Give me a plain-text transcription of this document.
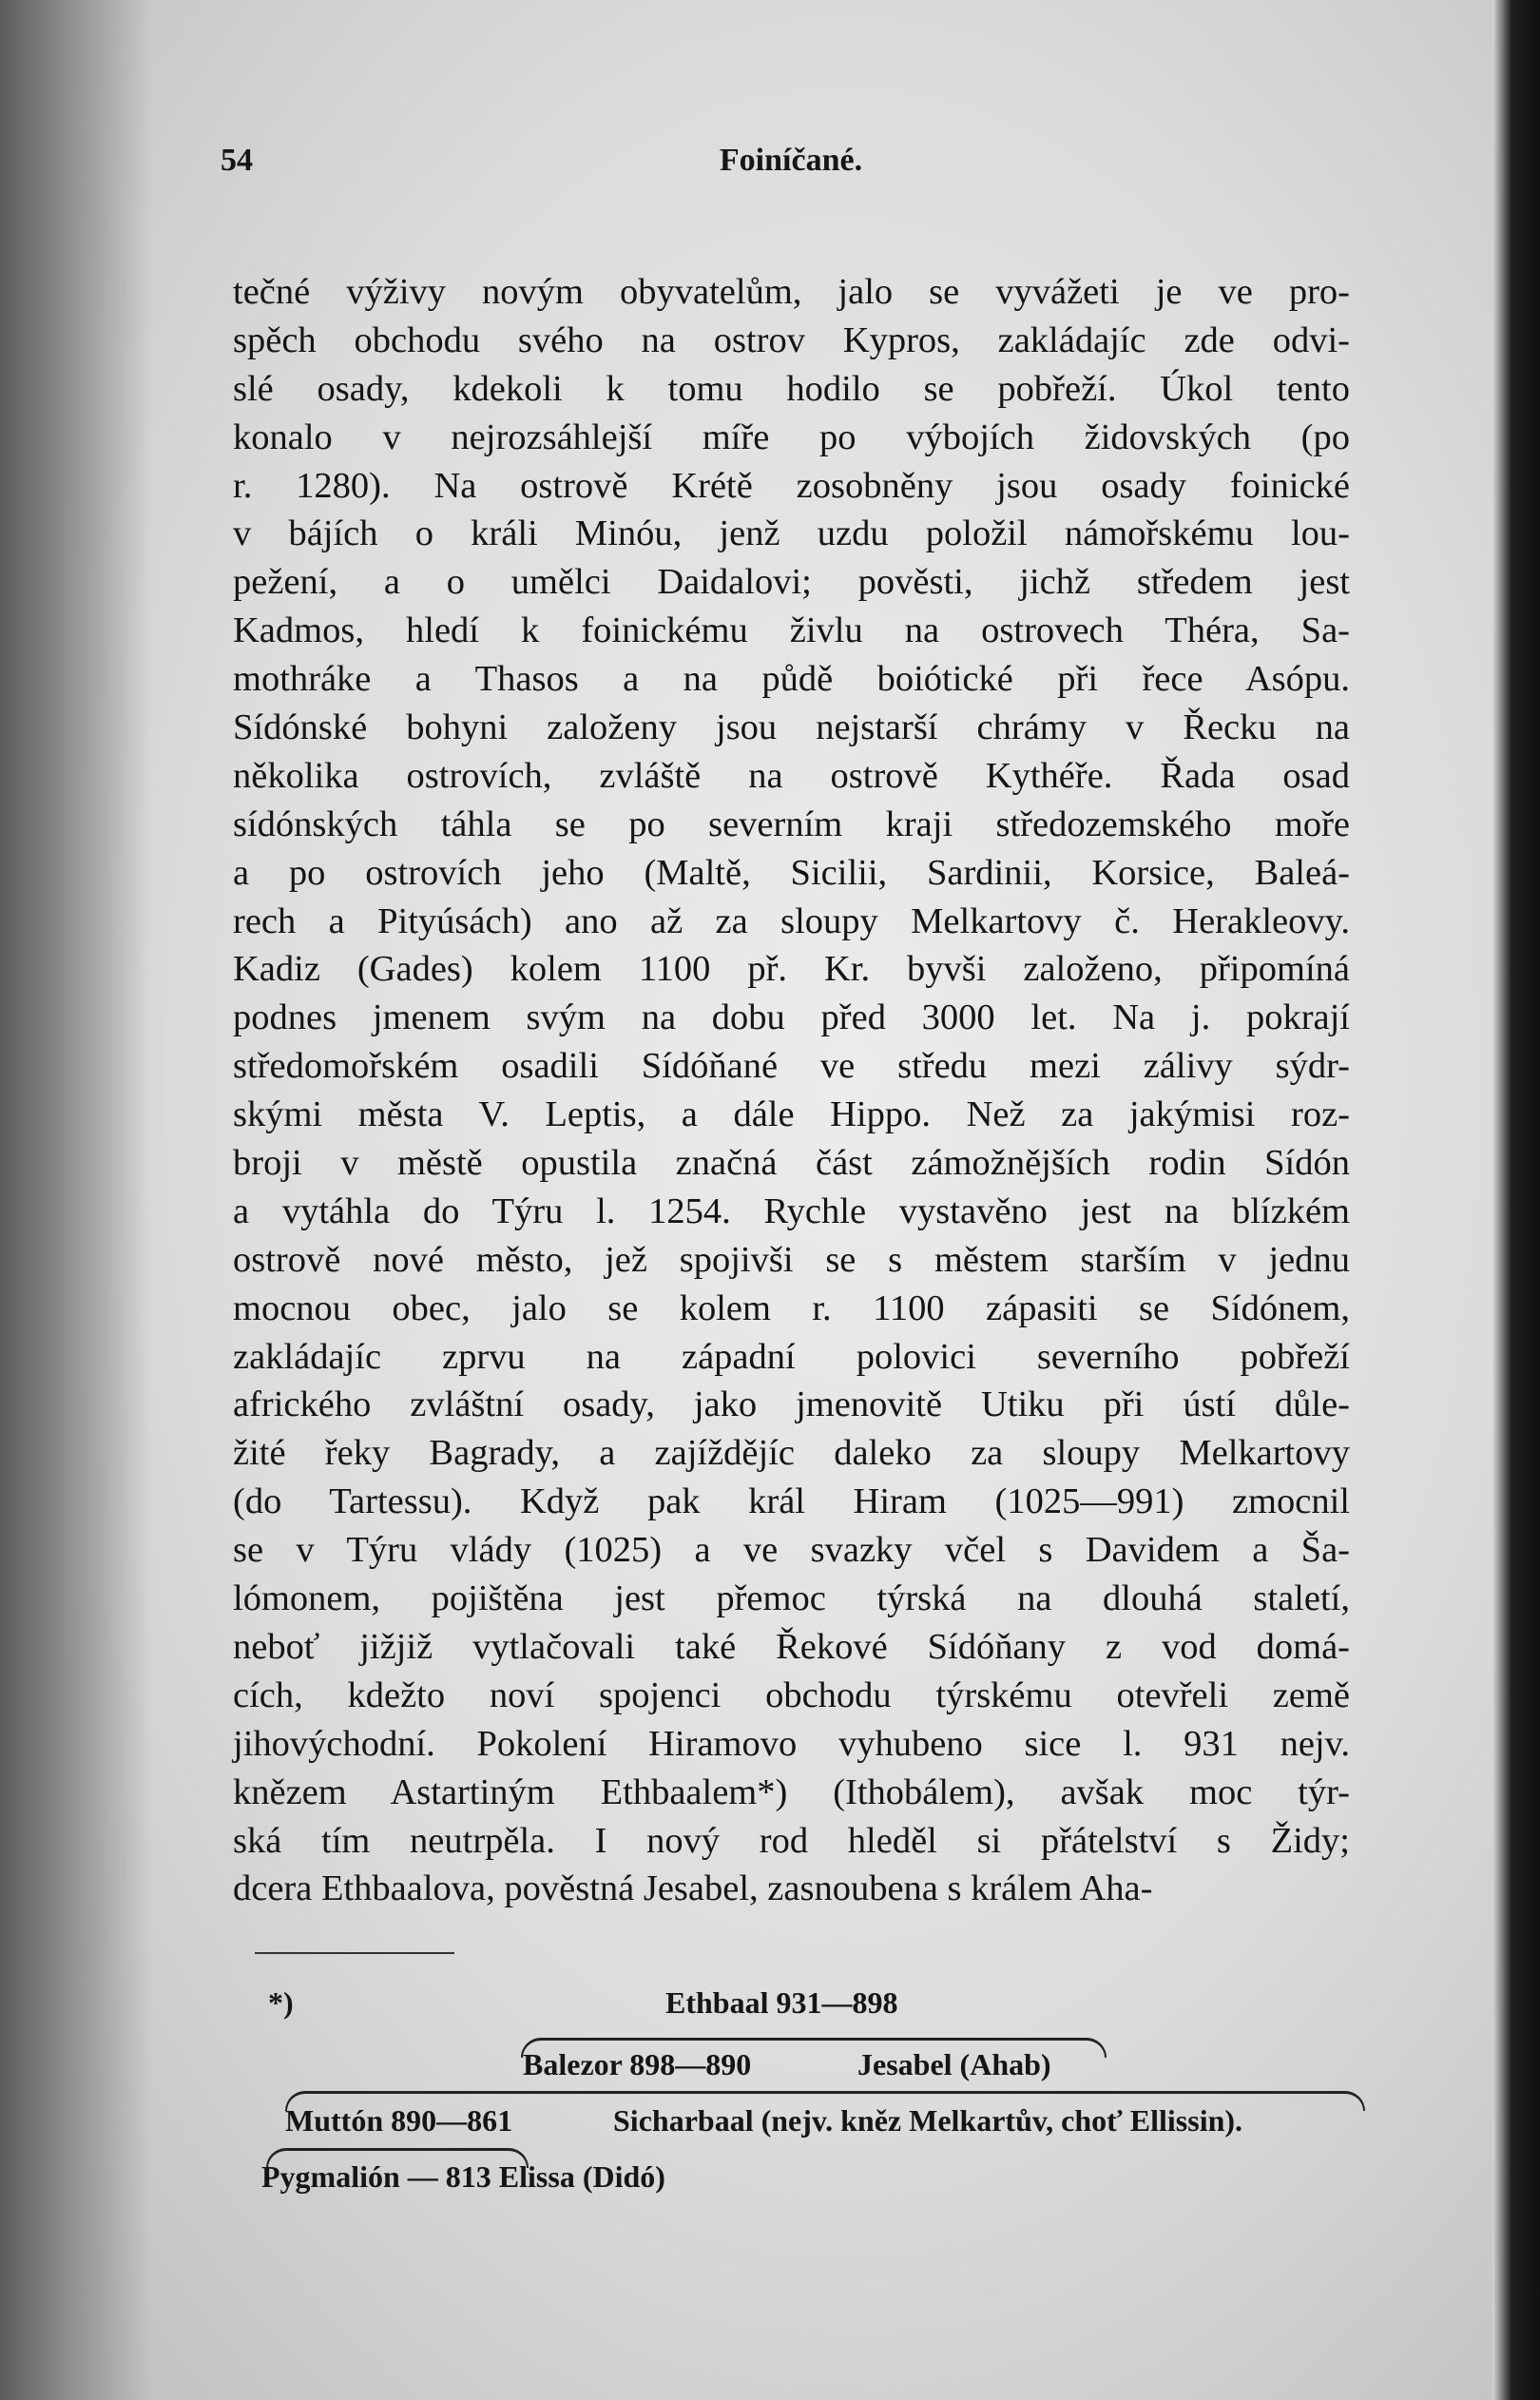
54	Foiníčané.
tečné výživy novým obyvatelům, jalo se vyvážeti je ve pro-
spěch obchodu svého na ostrov Kypros, zakládajíc zde odvi-
slé osady, kdekoli k tomu hodilo se pobřeží. Úkol tento
konalo v nejrozsáhlejší míře po výbojích židovských (po
r. 1280). Na ostrově Krétě zosobněny jsou osady foinické
v bájích o králi Minóu, jenž uzdu položil námořskému lou-
pežení, a o umělci Daidalovi; pověsti, jichž středem jest
Kadmos, hledí k foinickému živlu na ostrovech Théra, Sa-
mothráke a Thasos a na půdě boiótické při řece Asópu.
Sídónské bohyni založeny jsou nejstarší chrámy v Řecku na
několika ostrovích, zvláště na ostrově Kythéře. Řada osad
sídónských táhla se po severním kraji středozemského moře
a po ostrovích jeho (Maltě, Sicilii, Sardinii, Korsice, Baleá-
rech a Pityúsách) ano až za sloupy Melkartovy č. Herakleovy.
Kadiz (Gades) kolem 1100 př. Kr. byvši založeno, připomíná
podnes jmenem svým na dobu před 3000 let. Na j. pokrají
středomořském osadili Sídóňané ve středu mezi zálivy sýdr-
skými města V. Leptis, a dále Hippo. Než za jakýmisi roz-
broji v městě opustila značná část zámožnějších rodin Sídón
a vytáhla do Týru l. 1254. Rychle vystavěno jest na blízkém
ostrově nové město, jež spojivši se s městem starším v jednu
mocnou obec, jalo se kolem r. 1100 zápasiti se Sídónem,
zakládajíc zprvu na západní polovici severního pobřeží
afrického zvláštní osady, jako jmenovitě Utiku při ústí důle-
žité řeky Bagrady, a zajíždějíc daleko za sloupy Melkartovy
(do Tartessu). Když pak král Hiram (1025—991) zmocnil
se v Týru vlády (1025) a ve svazky včel s Davidem a Ša-
lómonem, pojištěna jest přemoc týrská na dlouhá staletí,
neboť jižjiž vytlačovali také Řekové Sídóňany z vod domá-
cích, kdežto noví spojenci obchodu týrskému otevřeli země
jihovýchodní. Pokolení Hiramovo vyhubeno sice l. 931 nejv.
knězem Astartiným Ethbaalem*) (Ithobálem), avšak moc týr-
ská tím neutrpěla. I nový rod hleděl si přátelství s Židy;
dcera Ethbaalova, pověstná Jesabel, zasnoubena s králem Aha-
*)	Ethbaal 931—898
Balezor 898—890	Jesabel (Ahab)
Muttón 890—861	Sicharbaal (nejv. kněz Melkartův, choť Ellissin).
Pygmalión — 813 Elissa (Didó)
